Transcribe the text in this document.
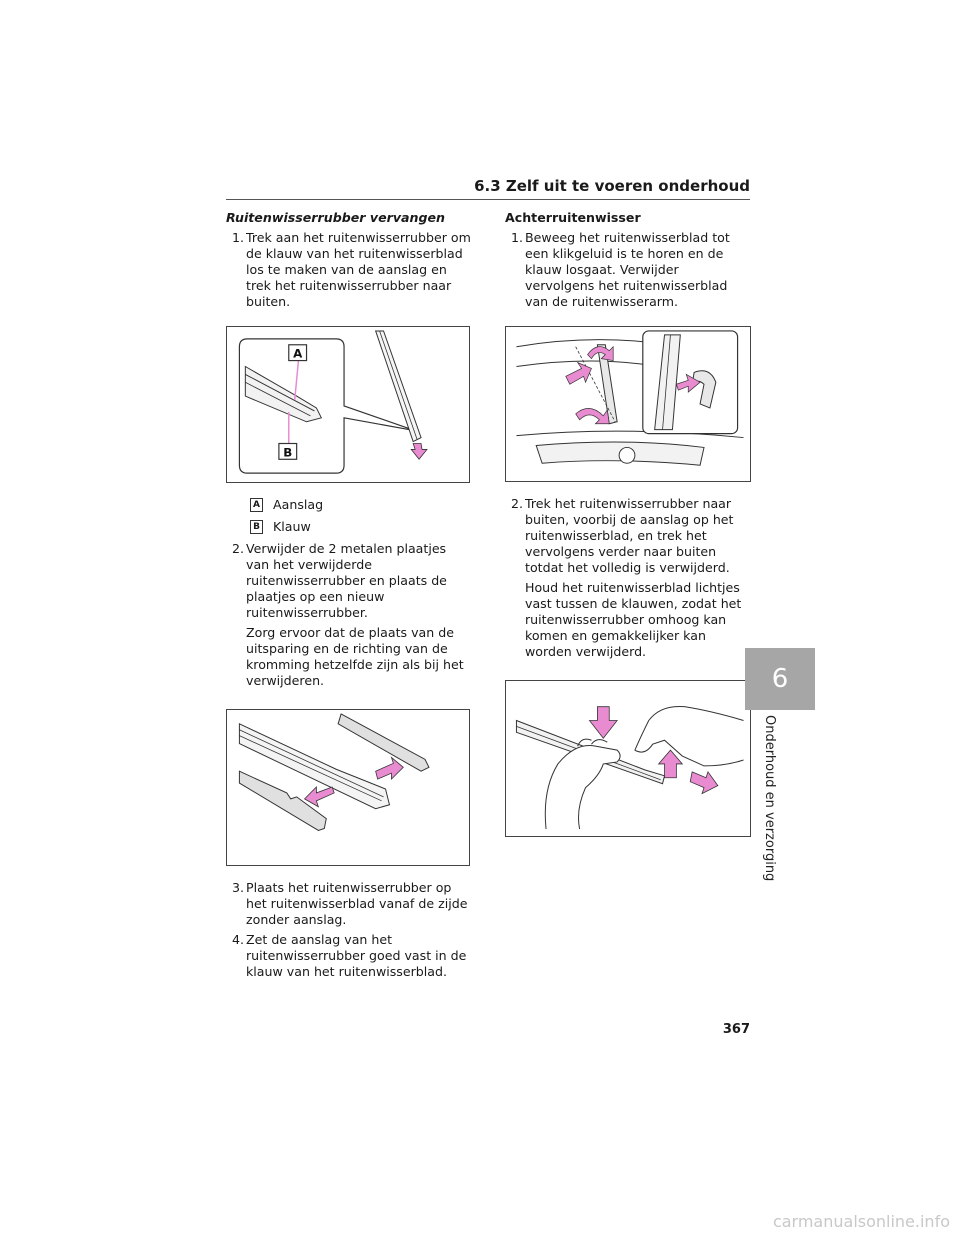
6.3 Zelf uit te voeren onderhoud

Ruitenwisserrubber vervangen

1. Trek aan het ruitenwisserrubber om de klauw van het ruitenwisserblad los te maken van de aanslag en trek het ruitenwisserrubber naar buiten.
A
B
A Aanslag
B Klauw
2. Verwijder de 2 metalen plaatjes van het verwijderde ruitenwisserrubber en plaats de plaatjes op een nieuw ruitenwisserrubber.

Zorg ervoor dat de plaats van de uitsparing en de richting van de kromming hetzelfde zijn als bij het verwijderen.

3. Plaats het ruitenwisserrubber op het ruitenwisserblad vanaf de zijde zonder aanslag.
4. Zet de aanslag van het ruitenwisserrubber goed vast in de klauw van het ruitenwisserblad.

Achterruitenwisser

1. Beweeg het ruitenwisserblad tot een klikgeluid is te horen en de klauw losgaat. Verwijder vervolgens het ruitenwisserblad van de ruitenwisserarm.
2. Trek het ruitenwisserrubber naar buiten, voorbij de aanslag op het ruitenwisserblad, en trek het vervolgens verder naar buiten totdat het volledig is verwijderd.

Houd het ruitenwisserblad lichtjes vast tussen de klauwen, zodat het ruitenwisserrubber omhoog kan komen en gemakkelijker kan worden verwijderd.

6
Onderhoud en verzorging
367
carmanualsonline.info
